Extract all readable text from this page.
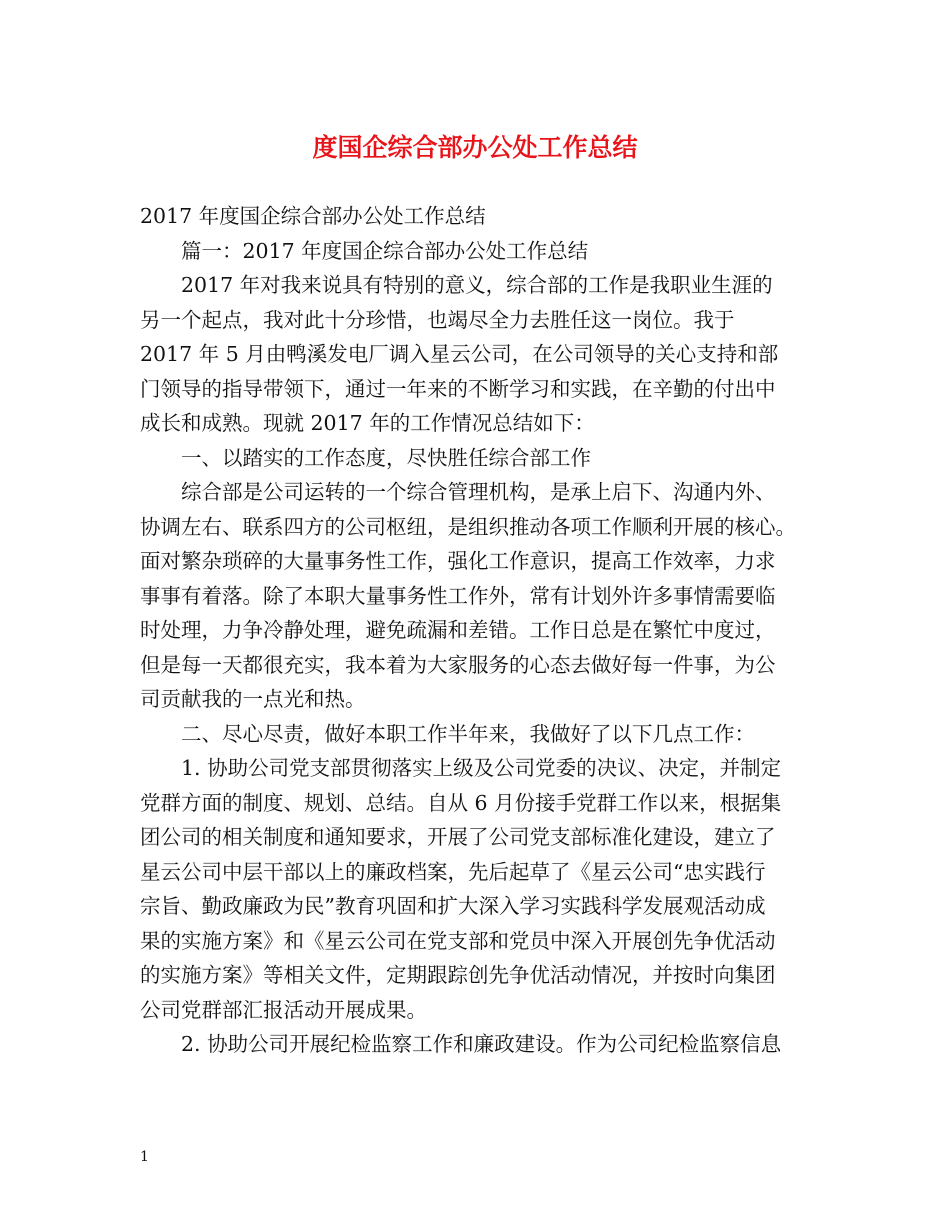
度国企综合部办公处工作总结
2017 年度国企综合部办公处工作总结
篇一：2017 年度国企综合部办公处工作总结
2017 年对我来说具有特别的意义，综合部的工作是我职业生涯的
另一个起点，我对此十分珍惜，也竭尽全力去胜任这一岗位。我于
2017 年 5 月由鸭溪发电厂调入星云公司，在公司领导的关心支持和部
门领导的指导带领下，通过一年来的不断学习和实践，在辛勤的付出中
成长和成熟。现就 2017 年的工作情况总结如下：
一、以踏实的工作态度，尽快胜任综合部工作
综合部是公司运转的一个综合管理机构，是承上启下、沟通内外、
协调左右、联系四方的公司枢纽，是组织推动各项工作顺利开展的核心。
面对繁杂琐碎的大量事务性工作，强化工作意识，提高工作效率，力求
事事有着落。除了本职大量事务性工作外，常有计划外许多事情需要临
时处理，力争冷静处理，避免疏漏和差错。工作日总是在繁忙中度过，
但是每一天都很充实，我本着为大家服务的心态去做好每一件事，为公
司贡献我的一点光和热。
二、尽心尽责，做好本职工作半年来，我做好了以下几点工作：
1. 协助公司党支部贯彻落实上级及公司党委的决议、决定，并制定
党群方面的制度、规划、总结。自从 6 月份接手党群工作以来，根据集
团公司的相关制度和通知要求，开展了公司党支部标准化建设，建立了
星云公司中层干部以上的廉政档案，先后起草了《星云公司“忠实践行
宗旨、勤政廉政为民”教育巩固和扩大深入学习实践科学发展观活动成
果的实施方案》和《星云公司在党支部和党员中深入开展创先争优活动
的实施方案》等相关文件，定期跟踪创先争优活动情况，并按时向集团
公司党群部汇报活动开展成果。
2. 协助公司开展纪检监察工作和廉政建设。作为公司纪检监察信息
1
